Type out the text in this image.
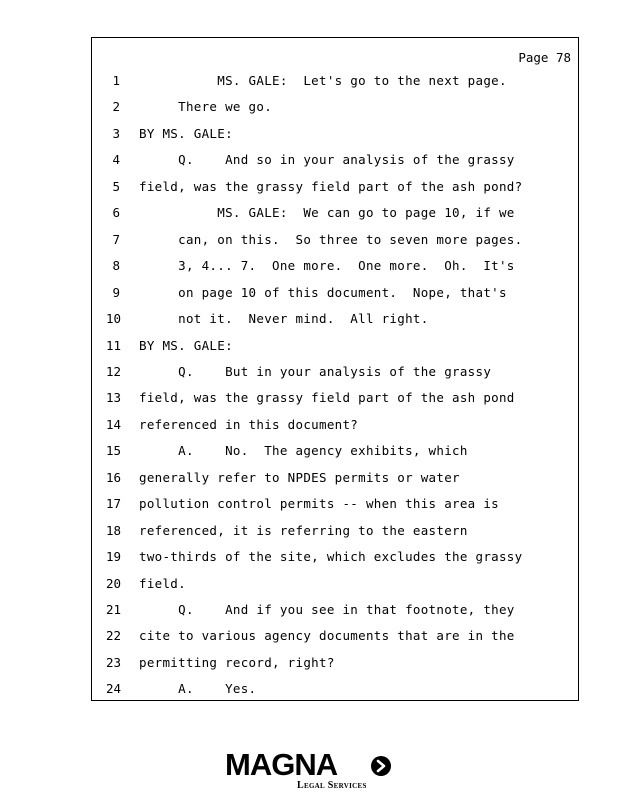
Page 78
1 MS. GALE:  Let's go to the next page.
2 There we go.
3 BY MS. GALE:
4 Q.    And so in your analysis of the grassy
5 field, was the grassy field part of the ash pond?
6 MS. GALE:  We can go to page 10, if we
7 can, on this.  So three to seven more pages.
8 3, 4... 7.  One more.  One more.  Oh.  It's
9 on page 10 of this document.  Nope, that's
10 not it.  Never mind.  All right.
11 BY MS. GALE:
12 Q.    But in your analysis of the grassy
13 field, was the grassy field part of the ash pond
14 referenced in this document?
15 A.    No.  The agency exhibits, which
16 generally refer to NPDES permits or water
17 pollution control permits -- when this area is
18 referenced, it is referring to the eastern
19 two-thirds of the site, which excludes the grassy
20 field.
21 Q.    And if you see in that footnote, they
22 cite to various agency documents that are in the
23 permitting record, right?
24 A.    Yes.
MAGNA
Legal Services
